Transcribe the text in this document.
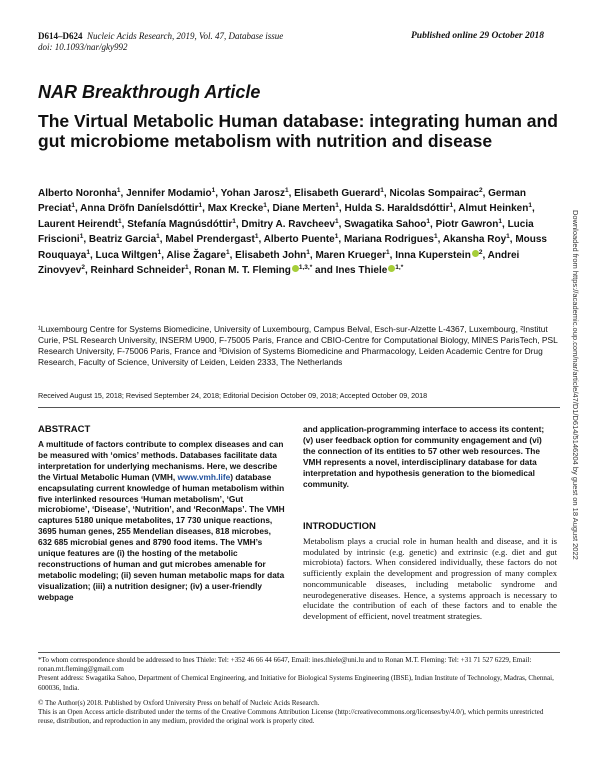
D614–D624 Nucleic Acids Research, 2019, Vol. 47, Database issue
doi: 10.1093/nar/gky992
Published online 29 October 2018
NAR Breakthrough Article
The Virtual Metabolic Human database: integrating human and gut microbiome metabolism with nutrition and disease
Alberto Noronha$^1$, Jennifer Modamio$^1$, Yohan Jarosz$^1$, Elisabeth Guerard$^1$, Nicolas Sompairac$^2$, German Preciat$^1$, Anna Dröfn Daníelsdóttir$^1$, Max Krecke$^1$, Diane Merten$^1$, Hulda S. Haraldsdóttir$^1$, Almut Heinken$^1$, Laurent Heirendt$^1$, Stefanía Magnúsdóttir$^1$, Dmitry A. Ravcheev$^1$, Swagatika Sahoo$^1$, Piotr Gawron$^1$, Lucia Friscioni$^1$, Beatriz Garcia$^1$, Mabel Prendergast$^1$, Alberto Puente$^1$, Mariana Rodrigues$^1$, Akansha Roy$^1$, Mouss Rouquaya$^1$, Luca Wiltgen$^1$, Alise Žagare$^1$, Elisabeth John$^1$, Maren Krueger$^1$, Inna Kuperstein $^2$, Andrei Zinovyev$^2$, Reinhard Schneider$^1$, Ronan M. T. Fleming $^{1,3,*}$ and Ines Thiele $^{1,*}$
¹Luxembourg Centre for Systems Biomedicine, University of Luxembourg, Campus Belval, Esch-sur-Alzette L-4367, Luxembourg, ²Institut Curie, PSL Research University, INSERM U900, F-75005 Paris, France and CBIO-Centre for Computational Biology, MINES ParisTech, PSL Research University, F-75006 Paris, France and ³Division of Systems Biomedicine and Pharmacology, Leiden Academic Centre for Drug Research, Faculty of Science, University of Leiden, Leiden 2333, The Netherlands
Received August 15, 2018; Revised September 24, 2018; Editorial Decision October 09, 2018; Accepted October 09, 2018
ABSTRACT
A multitude of factors contribute to complex diseases and can be measured with ‘omics’ methods. Databases facilitate data interpretation for underlying mechanisms. Here, we describe the Virtual Metabolic Human (VMH, www.vmh.life) database encapsulating current knowledge of human metabolism within five interlinked resources ‘Human metabolism’, ‘Gut microbiome’, ‘Disease’, ‘Nutrition’, and ‘ReconMaps’. The VMH captures 5180 unique metabolites, 17 730 unique reactions, 3695 human genes, 255 Mendelian diseases, 818 microbes, 632 685 microbial genes and 8790 food items. The VMH’s unique features are (i) the hosting of the metabolic reconstructions of human and gut microbes amenable for metabolic modeling; (ii) seven human metabolic maps for data visualization; (iii) a nutrition designer; (iv) a user-friendly webpage
and application-programming interface to access its content; (v) user feedback option for community engagement and (vi) the connection of its entities to 57 other web resources. The VMH represents a novel, interdisciplinary database for data interpretation and hypothesis generation to the biomedical community.
INTRODUCTION
Metabolism plays a crucial role in human health and disease, and it is modulated by intrinsic (e.g. genetic) and extrinsic (e.g. diet and gut microbiota) factors. When considered individually, these factors do not sufficiently explain the development and progression of many complex noncommunicable diseases, including metabolic syndrome and neurodegenerative diseases. Hence, a systems approach is necessary to elucidate the contribution of each of these factors and to enable the development of efficient, novel treatment strategies.
*To whom correspondence should be addressed to Ines Thiele: Tel: +352 46 66 44 6647, Email: ines.thiele@uni.lu and to Ronan M.T. Fleming: Tel: +31 71 527 6229, Email: ronan.mt.fleming@gmail.com
Present address: Swagatika Sahoo, Department of Chemical Engineering, and Initiative for Biological Systems Engineering (IBSE), Indian Institute of Technology, Madras, Chennai, 600036, India.
© The Author(s) 2018. Published by Oxford University Press on behalf of Nucleic Acids Research.
This is an Open Access article distributed under the terms of the Creative Commons Attribution License (http://creativecommons.org/licenses/by/4.0/), which permits unrestricted reuse, distribution, and reproduction in any medium, provided the original work is properly cited.
Downloaded from https://academic.oup.com/nar/article/47/D1/D614/5146204 by guest on 18 August 2022
